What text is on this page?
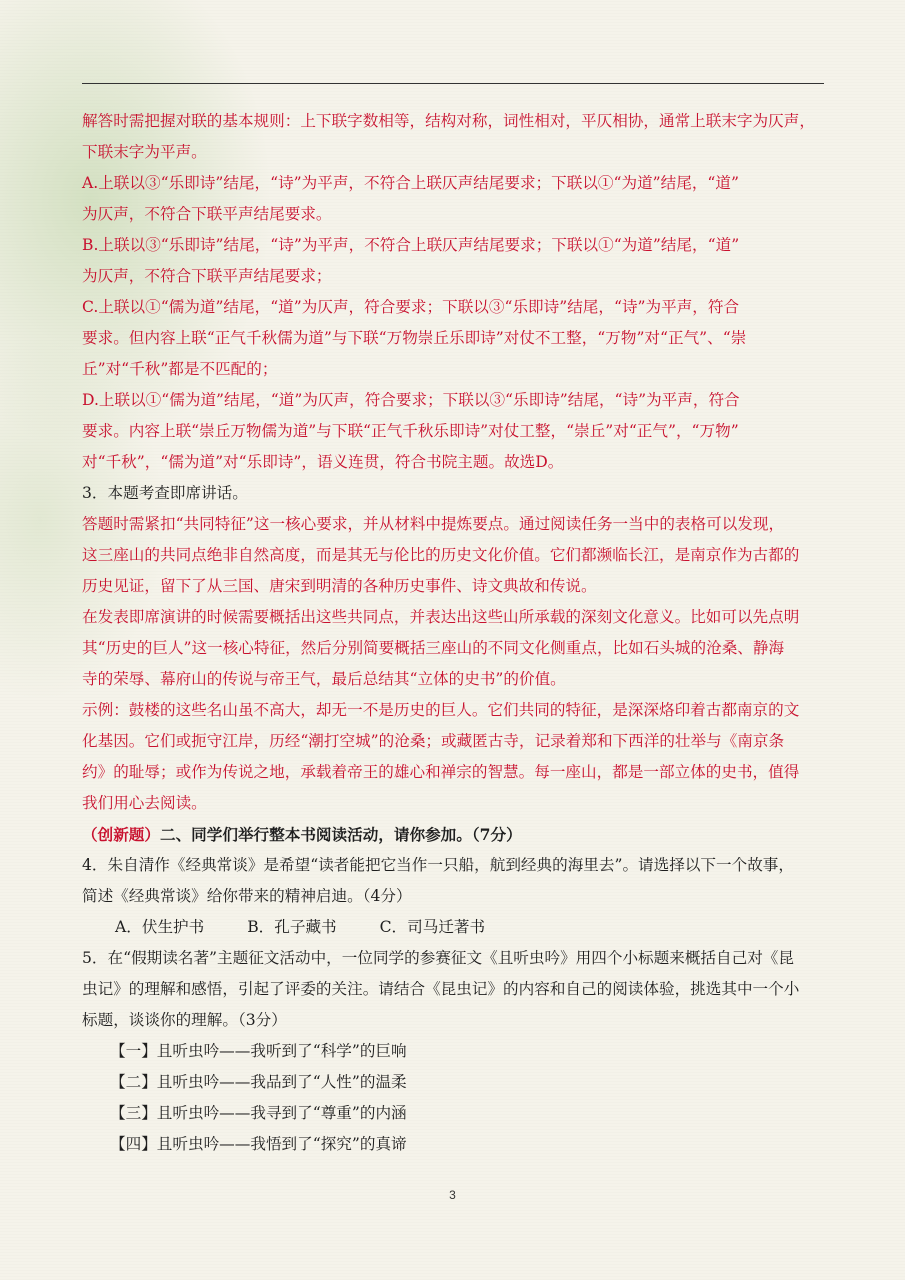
解答时需把握对联的基本规则：上下联字数相等，结构对称，词性相对，平仄相协，通常上联末字为仄声，

下联末字为平声。

A.上联以③“乐即诗”结尾，“诗”为平声，不符合上联仄声结尾要求；下联以①“为道”结尾，“道”

为仄声，不符合下联平声结尾要求。

B.上联以③“乐即诗”结尾，“诗”为平声，不符合上联仄声结尾要求；下联以①“为道”结尾，“道”

为仄声，不符合下联平声结尾要求；

C.上联以①“儒为道”结尾，“道”为仄声，符合要求；下联以③“乐即诗”结尾，“诗”为平声，符合

要求。但内容上联“正气千秋儒为道”与下联“万物崇丘乐即诗”对仗不工整，“万物”对“正气”、“崇

丘”对“千秋”都是不匹配的；

D.上联以①“儒为道”结尾，“道”为仄声，符合要求；下联以③“乐即诗”结尾，“诗”为平声，符合

要求。内容上联“崇丘万物儒为道”与下联“正气千秋乐即诗”对仗工整，“崇丘”对“正气”，“万物”

对“千秋”，“儒为道”对“乐即诗”，语义连贯，符合书院主题。故选D。

3．本题考查即席讲话。

答题时需紧扣“共同特征”这一核心要求，并从材料中提炼要点。通过阅读任务一当中的表格可以发现，

这三座山的共同点绝非自然高度，而是其无与伦比的历史文化价值。它们都濒临长江，是南京作为古都的

历史见证，留下了从三国、唐宋到明清的各种历史事件、诗文典故和传说。

在发表即席演讲的时候需要概括出这些共同点，并表达出这些山所承载的深刻文化意义。比如可以先点明

其“历史的巨人”这一核心特征，然后分别简要概括三座山的不同文化侧重点，比如石头城的沧桑、静海

寺的荣辱、幕府山的传说与帝王气，最后总结其“立体的史书”的价值。

示例：鼓楼的这些名山虽不高大，却无一不是历史的巨人。它们共同的特征，是深深烙印着古都南京的文

化基因。它们或扼守江岸，历经“潮打空城”的沧桑；或藏匿古寺，记录着郑和下西洋的壮举与《南京条

约》的耻辱；或作为传说之地，承载着帝王的雄心和禅宗的智慧。每一座山，都是一部立体的史书，值得

我们用心去阅读。

（创新题）二、同学们举行整本书阅读活动，请你参加。（7分）

4．朱自清作《经典常谈》是希望“读者能把它当作一只船，航到经典的海里去”。请选择以下一个故事，

简述《经典常谈》给你带来的精神启迪。（4分）

A．伏生护书	B．孔子藏书	C．司马迁著书

5．在“假期读名著”主题征文活动中，一位同学的参赛征文《且听虫吟》用四个小标题来概括自己对《昆

虫记》的理解和感悟，引起了评委的关注。请结合《昆虫记》的内容和自己的阅读体验，挑选其中一个小

标题，谈谈你的理解。（3分）

【一】且听虫吟——我听到了“科学”的巨响

【二】且听虫吟——我品到了“人性”的温柔

【三】且听虫吟——我寻到了“尊重”的内涵

【四】且听虫吟——我悟到了“探究”的真谛

3
